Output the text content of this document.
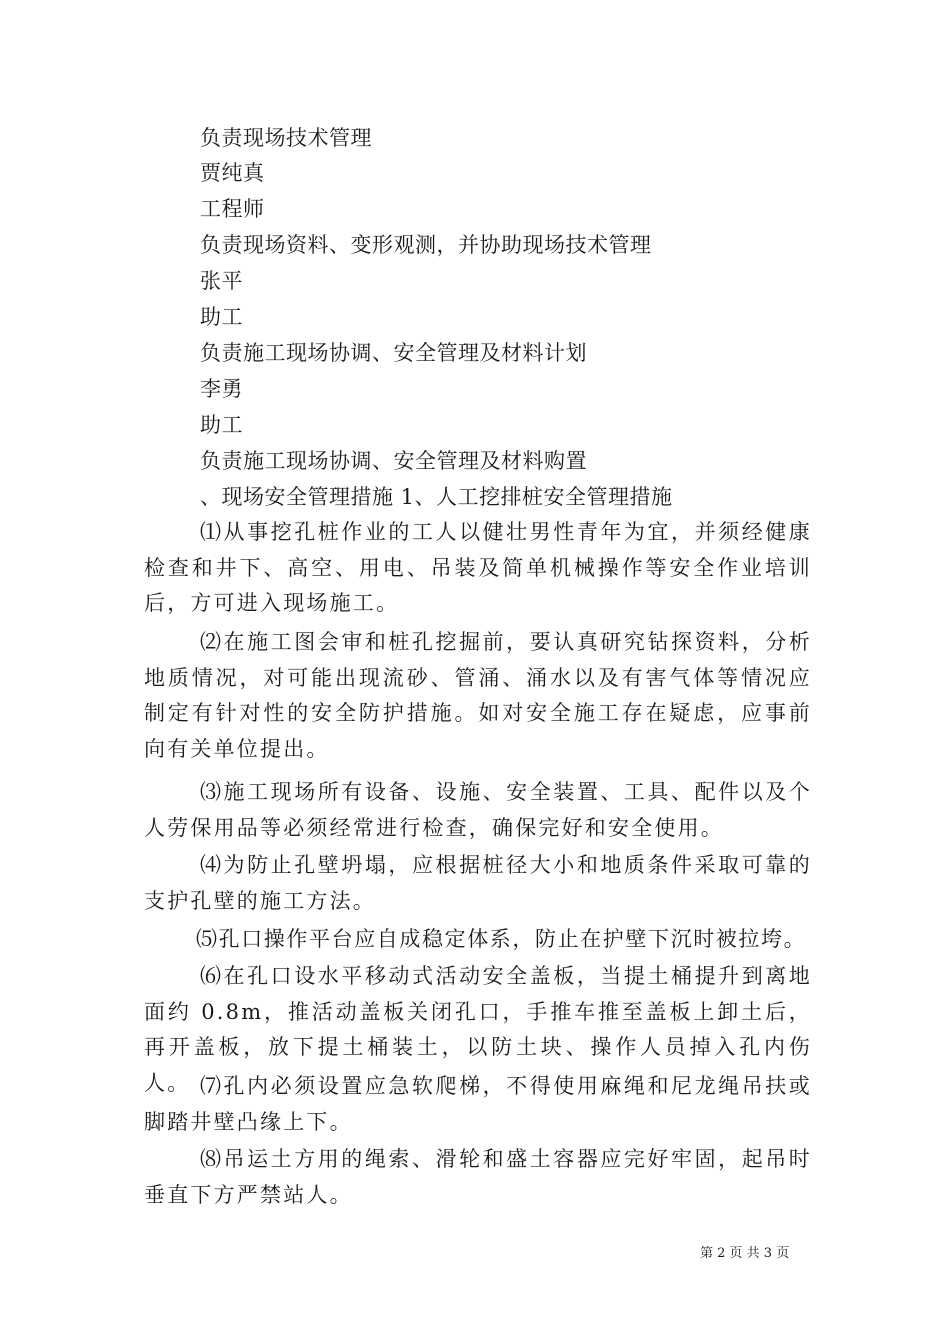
负责现场技术管理
贾纯真
工程师
负责现场资料、变形观测，并协助现场技术管理
张平
助工
负责施工现场协调、安全管理及材料计划
李勇
助工
负责施工现场协调、安全管理及材料购置
、现场安全管理措施 1、人工挖排桩安全管理措施

⑴从事挖孔桩作业的工人以健壮男性青年为宜，并须经健康检查和井下、高空、用电、吊装及简单机械操作等安全作业培训后，方可进入现场施工。

⑵在施工图会审和桩孔挖掘前，要认真研究钻探资料，分析地质情况，对可能出现流砂、管涌、涌水以及有害气体等情况应制定有针对性的安全防护措施。如对安全施工存在疑虑，应事前向有关单位提出。

⑶施工现场所有设备、设施、安全装置、工具、配件以及个人劳保用品等必须经常进行检查，确保完好和安全使用。

⑷为防止孔壁坍塌，应根据桩径大小和地质条件采取可靠的支护孔壁的施工方法。

⑸孔口操作平台应自成稳定体系，防止在护壁下沉时被拉垮。

⑹在孔口设水平移动式活动安全盖板，当提土桶提升到离地面约 0.8m，推活动盖板关闭孔口，手推车推至盖板上卸土后，再开盖板，放下提土桶装土，以防土块、操作人员掉入孔内伤人。 ⑺孔内必须设置应急软爬梯，不得使用麻绳和尼龙绳吊扶或脚踏井壁凸缘上下。

⑻吊运土方用的绳索、滑轮和盛土容器应完好牢固，起吊时垂直下方严禁站人。

第 2 页 共 3 页
